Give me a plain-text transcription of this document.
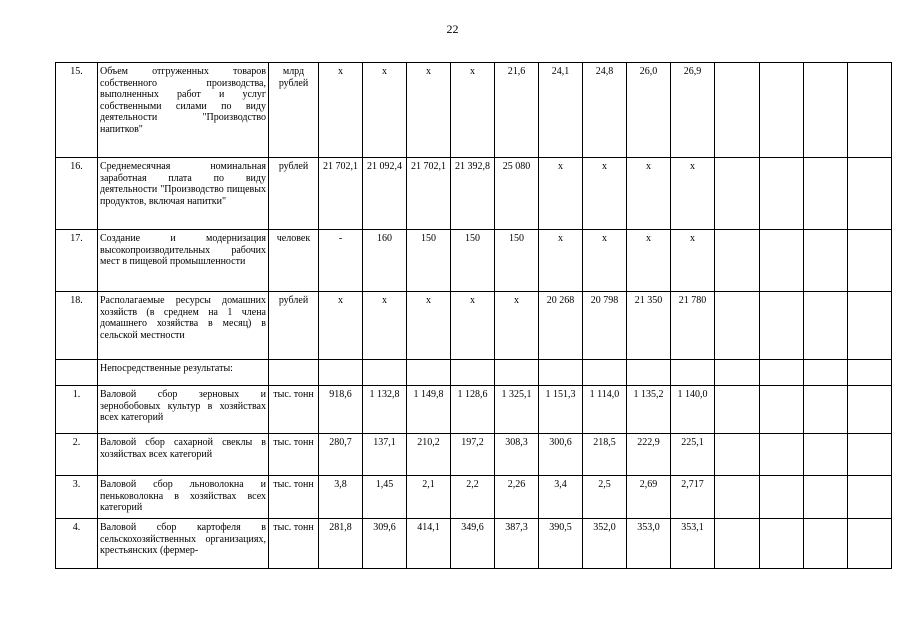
22
15.	Объем отгруженных товаров собственного производства, выполненных работ и услуг собственными силами по виду деятельности "Производство напитков"	млрд рублей	х	х	х	х	21,6	24,1	24,8	26,0	26,9				
16.	Среднемесячная номинальная заработная плата по виду деятельности "Производство пищевых продуктов, включая напитки"	рублей	21 702,1	21 092,4	21 702,1	21 392,8	25 080	х	х	х	х				
17.	Создание и модернизация высокопроизводительных рабочих мест в пищевой промышленности	человек	-	160	150	150	150	х	х	х	х				
18.	Располагаемые ресурсы домашних хозяйств (в среднем на 1 члена домашнего хозяйства в месяц) в сельской местности	рублей	х	х	х	х	х	20 268	20 798	21 350	21 780				
	Непосредственные результаты:														
1.	Валовой сбор зерновых и зернобобовых культур в хозяйствах всех категорий	тыс. тонн	918,6	1 132,8	1 149,8	1 128,6	1 325,1	1 151,3	1 114,0	1 135,2	1 140,0				
2.	Валовой сбор сахарной свеклы в хозяйствах всех категорий	тыс. тонн	280,7	137,1	210,2	197,2	308,3	300,6	218,5	222,9	225,1				
3.	Валовой сбор льноволокна и пеньковолокна в хозяйствах всех категорий	тыс. тонн	3,8	1,45	2,1	2,2	2,26	3,4	2,5	2,69	2,717				
4.	Валовой сбор картофеля в сельскохозяйственных организациях, крестьянских (фермер-	тыс. тонн	281,8	309,6	414,1	349,6	387,3	390,5	352,0	353,0	353,1				
